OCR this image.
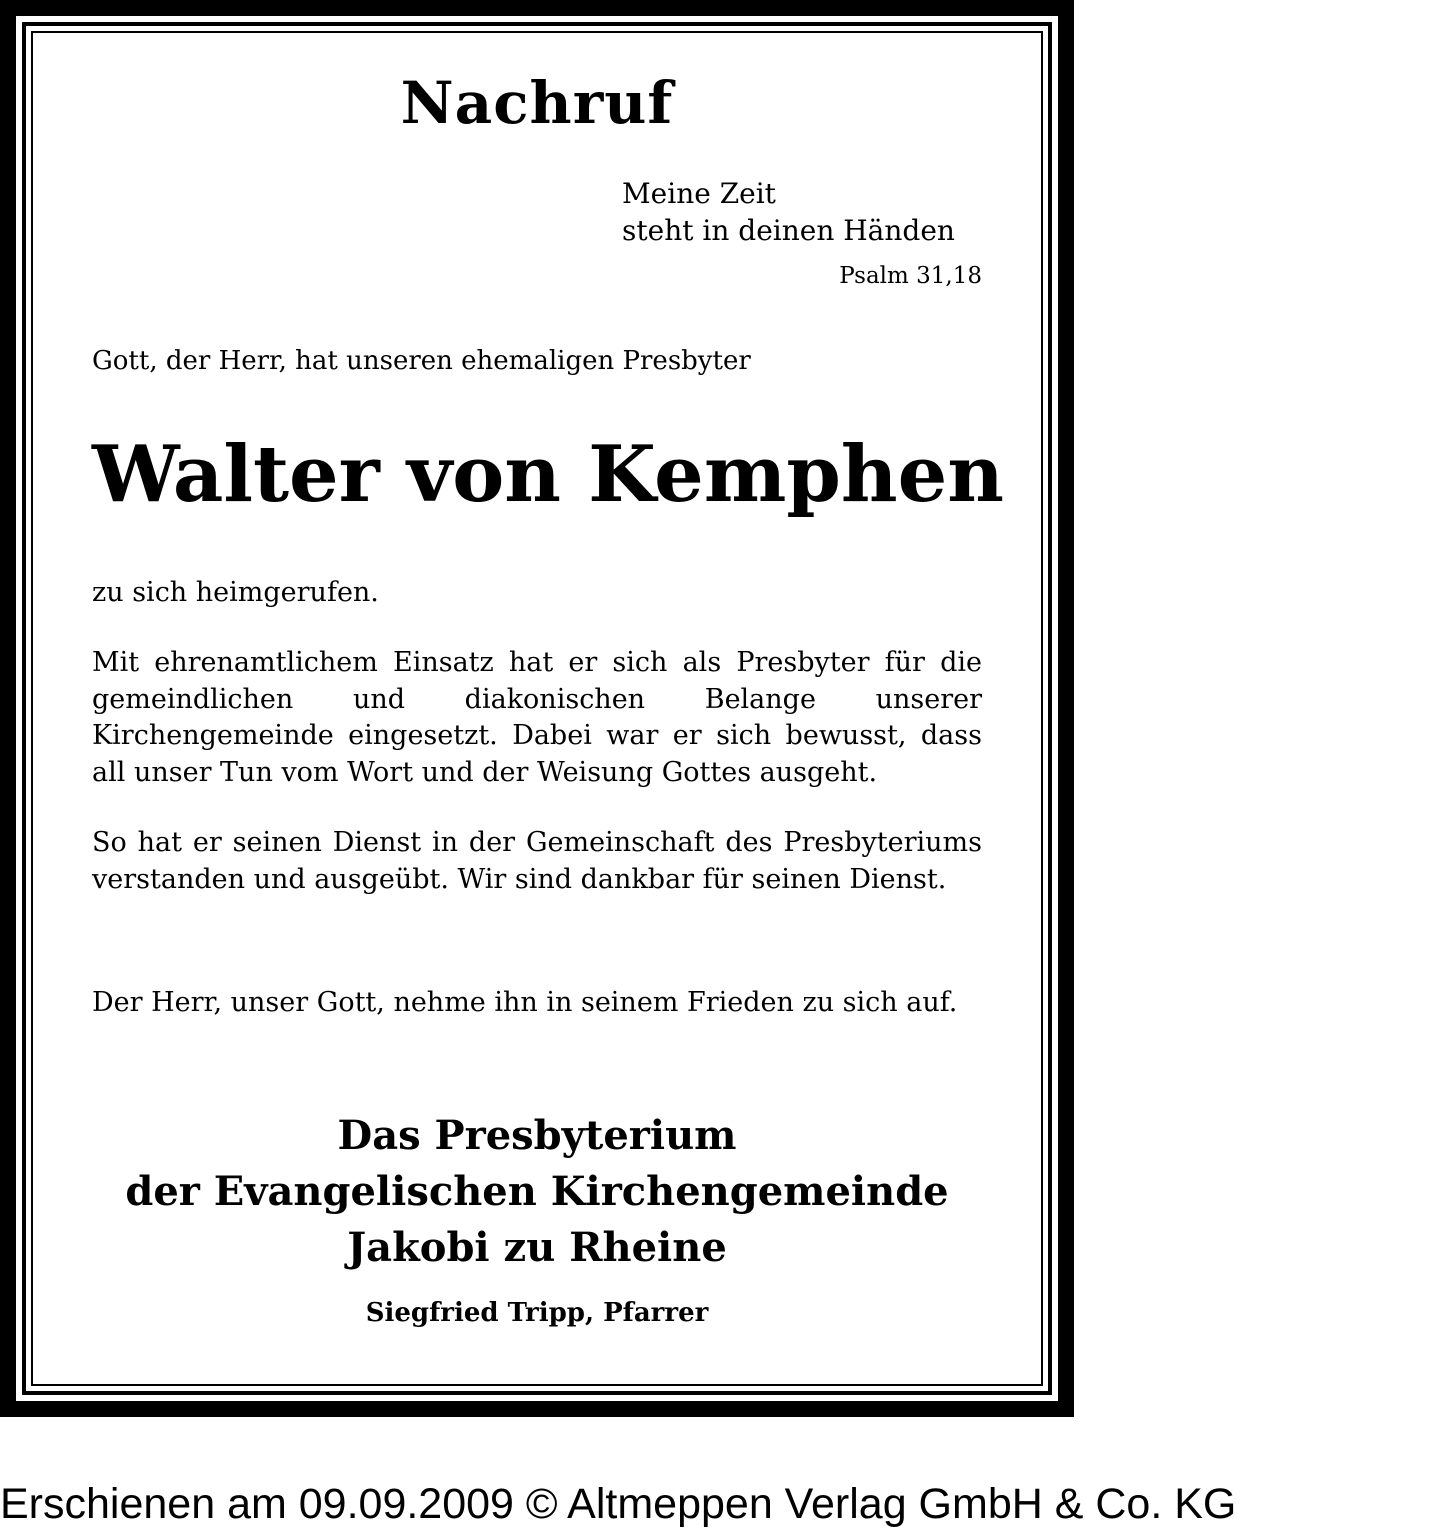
Nachruf
Meine Zeit
steht in deinen Händen
Psalm 31,18
Gott, der Herr, hat unseren ehemaligen Presbyter
Walter von Kemphen
zu sich heimgerufen.
Mit ehrenamtlichem Einsatz hat er sich als Presbyter für die gemeindlichen und diakonischen Belange unserer Kirchengemeinde eingesetzt. Dabei war er sich bewusst, dass all unser Tun vom Wort und der Weisung Gottes ausgeht.
So hat er seinen Dienst in der Gemeinschaft des Presbyteriums verstanden und ausgeübt. Wir sind dankbar für seinen Dienst.
Der Herr, unser Gott, nehme ihn in seinem Frieden zu sich auf.
Das Presbyterium
der Evangelischen Kirchengemeinde
Jakobi zu Rheine
Siegfried Tripp, Pfarrer
Erschienen am 09.09.2009 © Altmeppen Verlag GmbH & Co. KG
